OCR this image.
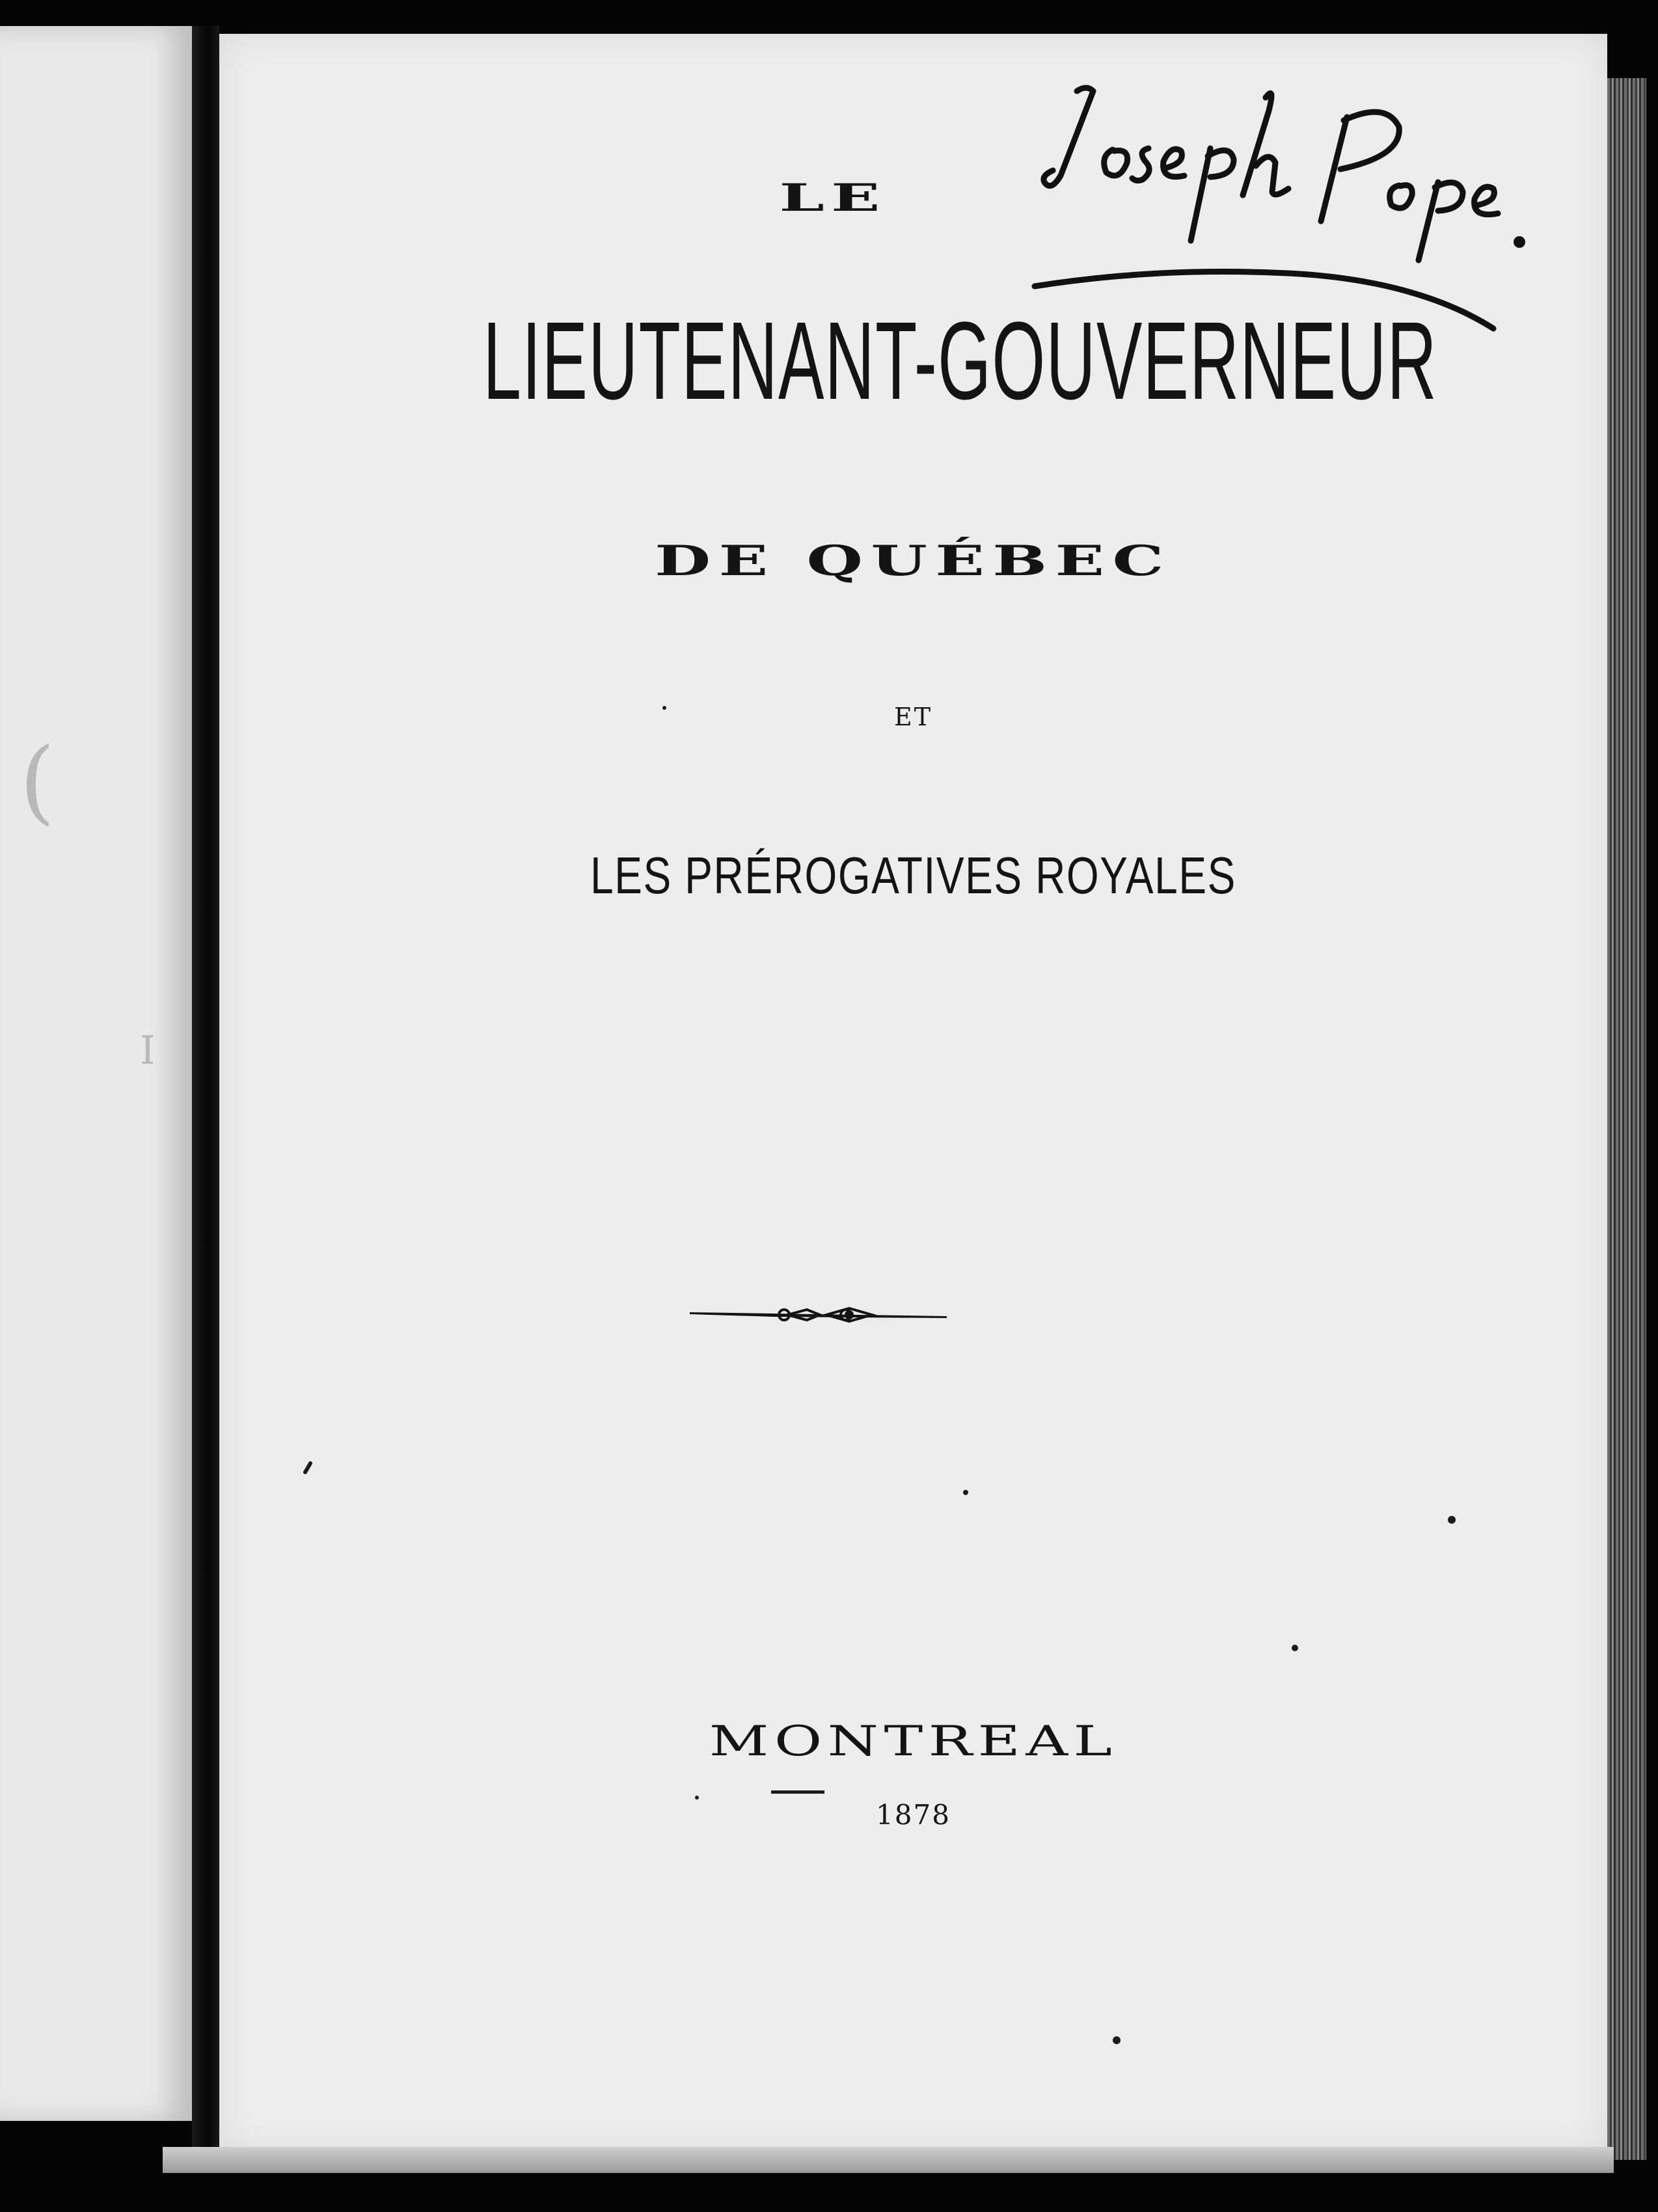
(
I
LE
LIEUTENANT-GOUVERNEUR
DE QUÉBEC
ET
LES PRÉROGATIVES ROYALES
MONTREAL
1878
